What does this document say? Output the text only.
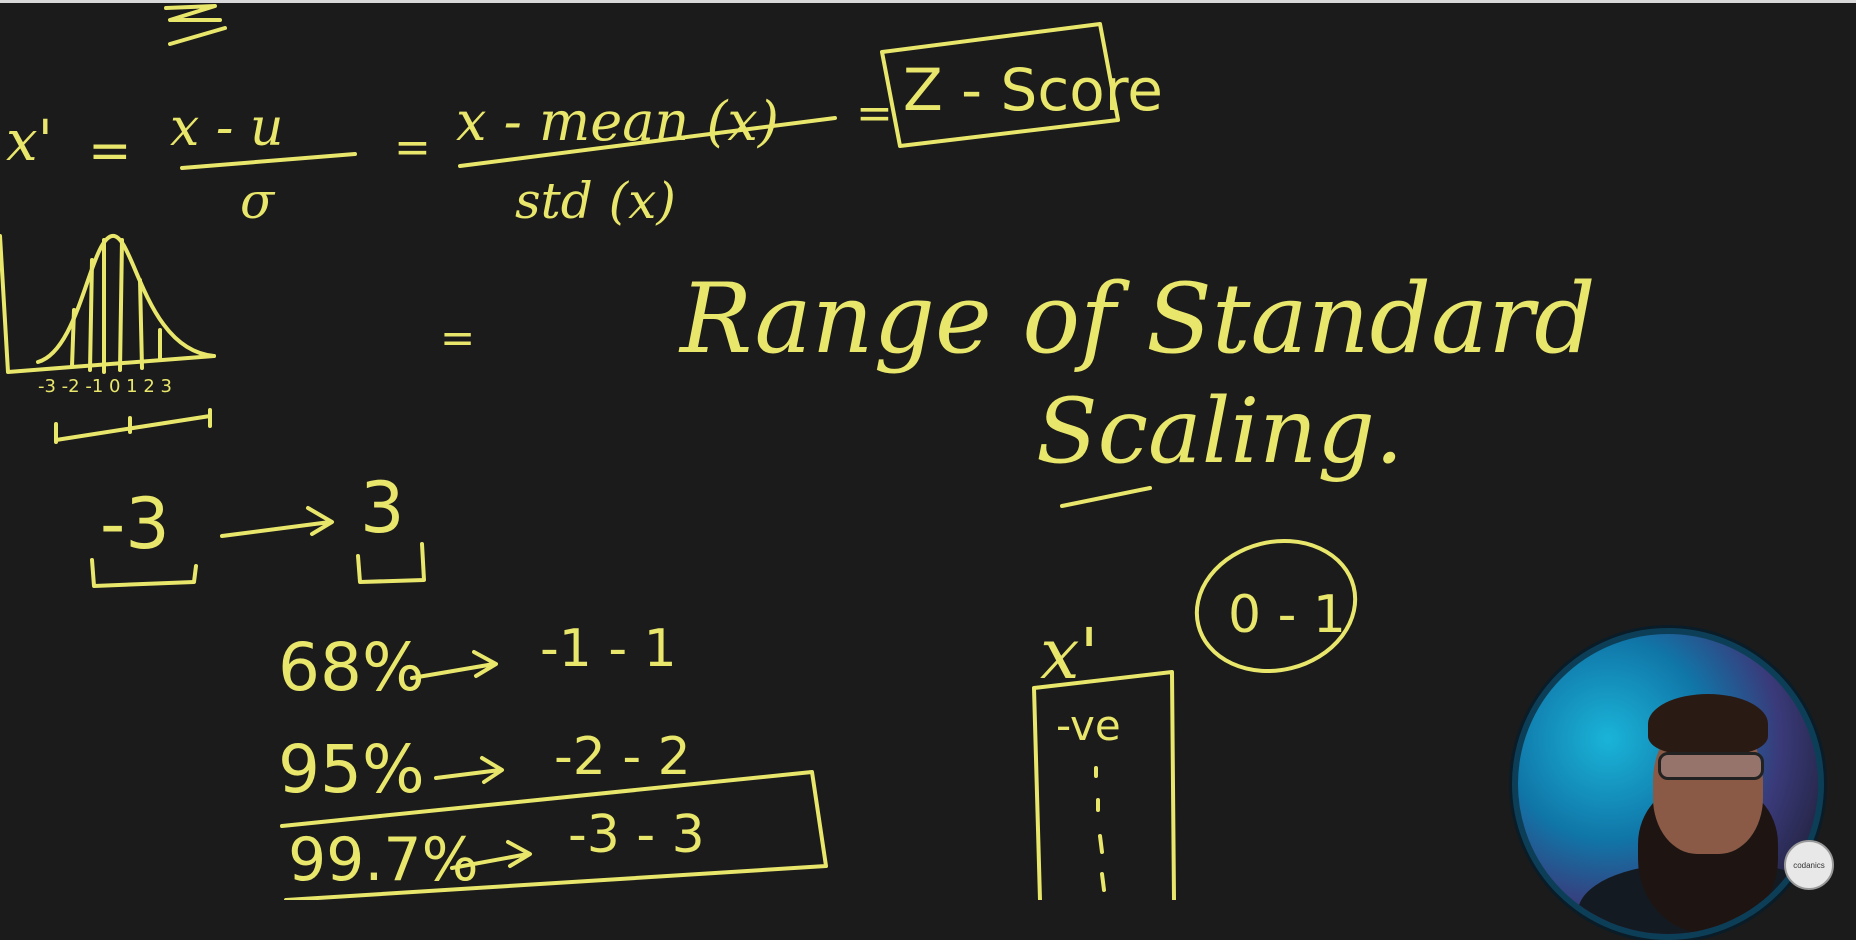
x' = x - u
σ
= x - mean (x)
std (x)
= Z - Score
-3 -2 -1 0 1 2 3
= Range of Standard
Scaling.
-3	3
68% -1 - 1
95% -2 - 2
99.7% -3 - 3
x'
-ve
0 - 1
codanics
